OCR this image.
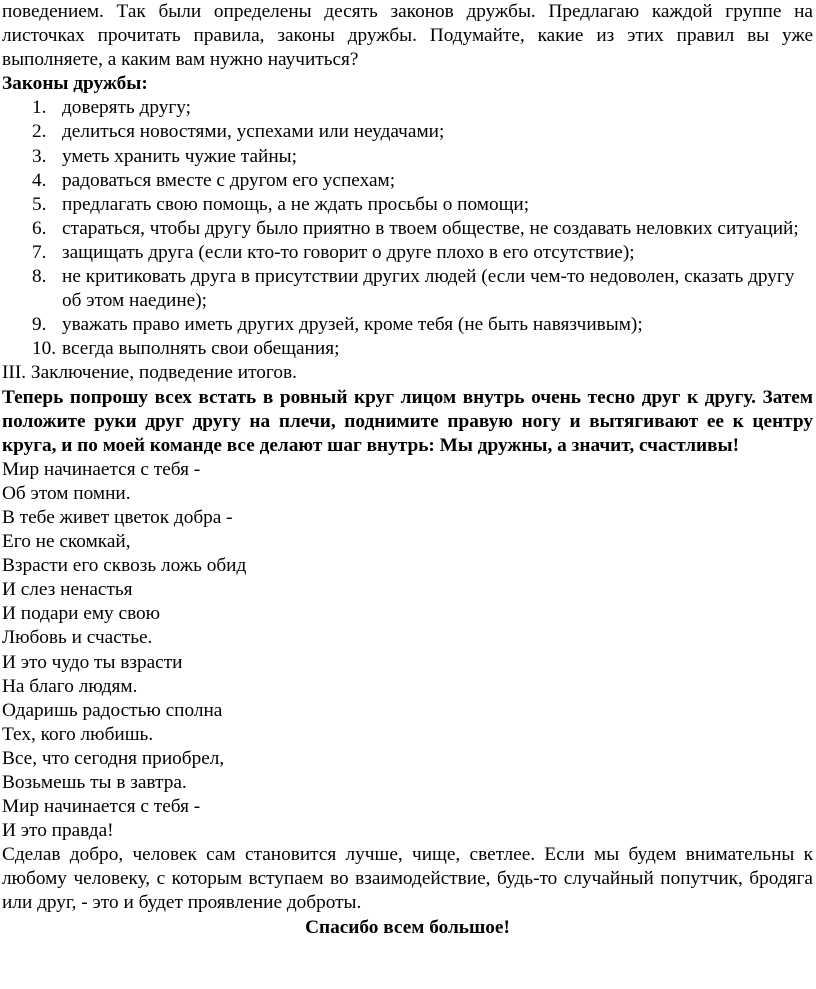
поведением. Так были определены десять законов дружбы. Предлагаю каждой группе на листочках прочитать правила, законы дружбы. Подумайте, какие из этих правил вы уже выполняете, а каким вам нужно научиться?

Законы дружбы:

1. доверять другу;
2. делиться новостями, успехами или неудачами;
3. уметь хранить чужие тайны;
4. радоваться вместе с другом его успехам;
5. предлагать свою помощь, а не ждать просьбы о помощи;
6. стараться, чтобы другу было приятно в твоем обществе, не создавать неловких ситуаций;
7. защищать друга (если кто-то говорит о друге плохо в его отсутствие);
8. не критиковать друга в присутствии других людей (если чем-то недоволен, сказать другу об этом наедине);
9. уважать право иметь других друзей, кроме тебя (не быть навязчивым);
10. всегда выполнять свои обещания;

III. Заключение, подведение итогов.

Теперь попрошу всех встать в ровный круг лицом внутрь очень тесно друг к другу. Затем положите руки друг другу на плечи, поднимите правую ногу и вытягивают ее к центру круга, и по моей команде все делают шаг внутрь: Мы дружны, а значит, счастливы!

Мир начинается с тебя -

Об этом помни.

В тебе живет цветок добра -

Его не скомкай,

Взрасти его сквозь ложь обид

И слез ненастья

И подари ему свою

Любовь и счастье.

И это чудо ты взрасти

На благо людям.

Одаришь радостью сполна

Тех, кого любишь.

Все, что сегодня приобрел,

Возьмешь ты в завтра.

Мир начинается с тебя -

И это правда!

Сделав добро, человек сам становится лучше, чище, светлее. Если мы будем внимательны к любому человеку, с которым вступаем во взаимодействие, будь-то случайный попутчик, бродяга или друг, - это и будет проявление доброты.

Спасибо всем большое!
